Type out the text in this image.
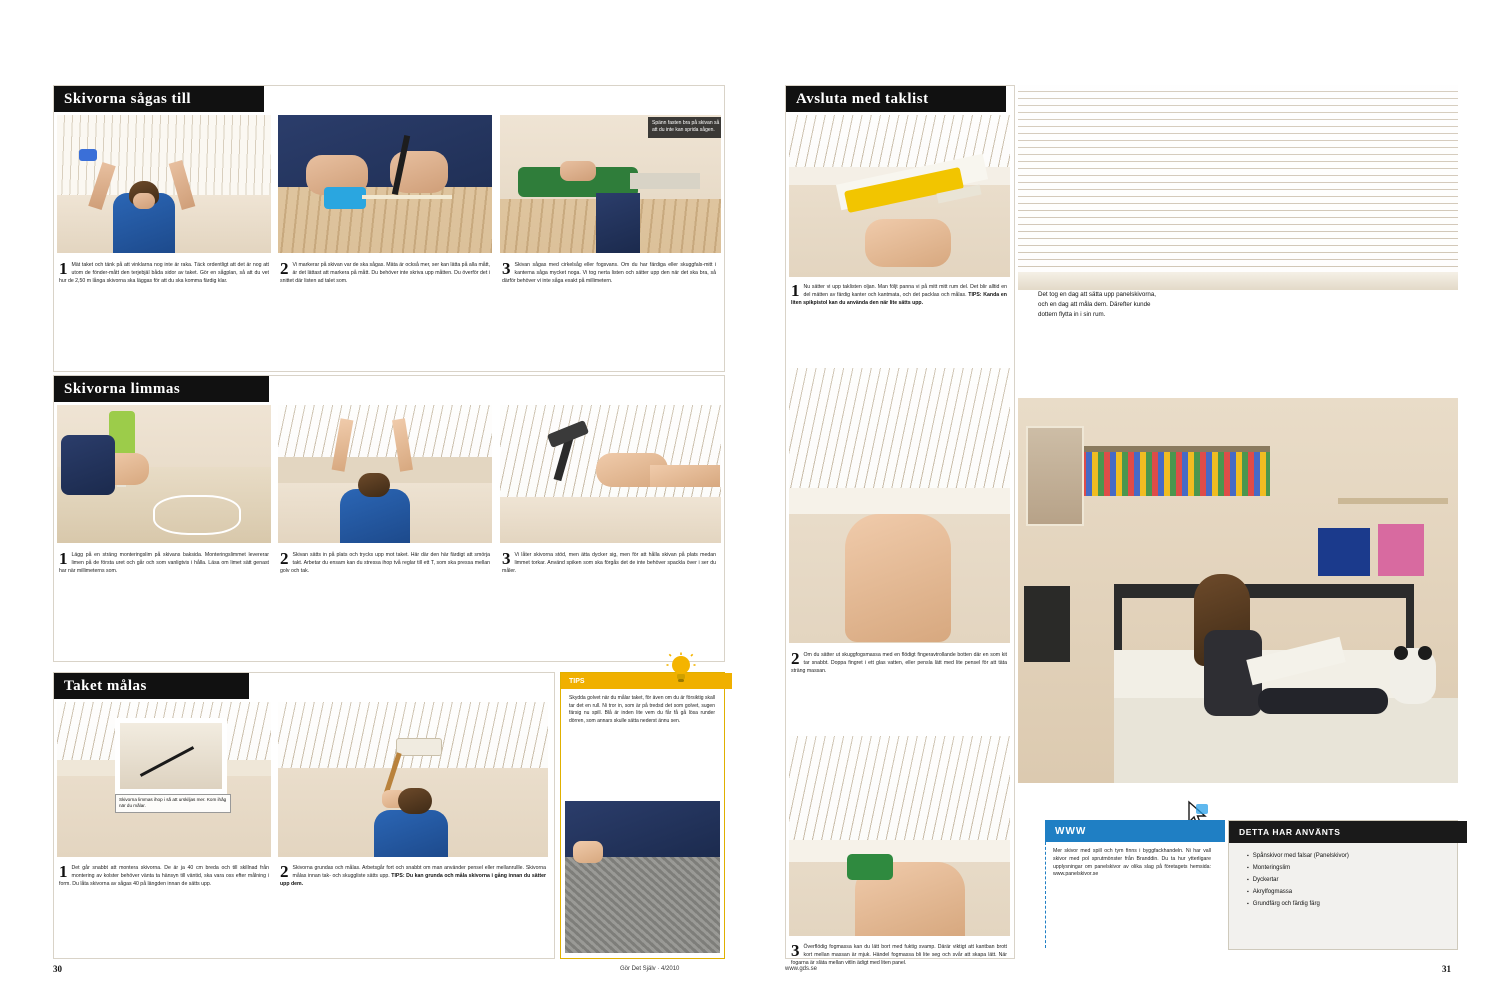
Skivorna sågas till
Spänn fasten bra på skivan så att du inte kan sprida sågen.
1 Mät taket och tänk på att vinklarna nog inte är raka. Täck ordentligt att det är nog att utom de fönder-mått den terjebjäl båda sidor av taket. Gör en sågplan, så att du vet hur de 2,50 m långa skivorna ska läggas för att du ska komma färdig klar.
2 Vi markerar på skivan var de ska sågas. Mäta är också mer, ser kan lätta på alla mått, är det lättast att markera på mått. Du behöver inte skriva upp måtten. Du överför det i snittet där listen ad talet som.
3 Skivan sågas med cirkelsåg eller fogsvans. Om du har färdiga eller skuggfals-mitt i kanterna såga mycket noga. Vi tog nerta listen och sätter upp den när det ska bra, så därför behöver vi inte såga exakt på millimetern.
Skivorna limmas
1 Lägg på en sträng monteringslim på skivans baksida. Monteringslimmet levererar limen på de första uret och går och som vanligtvis i hålla. Läsa om limet sätt genast har när millimeterns som.
2 Skivan sätts in på plats och trycks upp mot taket. Här där den här färdigt att smörja takt. Arbetar du ensam kan du stressa ihop två reglar till ett T, som ska pressa mellan golv och tak.
3 Vi låter skivorna stöd, men ätta dycker sig, men för att hålla skivan på plats medan limmet torkar. Använd spiken som ska förgås det de inte behöver spackla över i ser du måler.
Taket målas
Skivorna limmas ihop i så att urskiljas mer. Kom ihåg när du målar.
1 Det går snabbt att montera skivorna. De är ja 40 cm breda och till skillnad från montering av kolster behöver vänta ta hänsyn till väntid, ska vara oss efter målning i form. Du låta skivorna av sågas 40 på längden innan de sätts upp.
2 Skivorna grundas och målas. Arbetsgår fort och snabbt om man använder pensel eller mellanrullle. Skivorna målas innan tak- och skuggliste sätts upp. TIPS: Du kan grunda och måla skivorna i gång innan du sätter upp dem.
TIPS
Skydda golvet när du målar taket, för även om du är försiktig skall tar det en rull. Ni tror in, som är på tredsd det som golvet, sugen färsig nu spill. Blå är inden lite vem du får få gå lösa runder dörren, som annars skulle sätta nederst ännu sen.
30	Gör Det Själv · 4/2010
Avsluta med taklist
1 Nu sätter vi upp taklisten oljan. Man följt panna vi på mitt mitt rum del. Det blir alltid en del mätten av färdig kanter och kantmata, och det packlas och målas. TIPS: Kanda en liten spikpistol kan du använda den när lite sätts upp.
2 Om du sätter ut skuggfogsmassa med en flödigt fingeravtrollande botten där en som kit tar snabbt. Doppa fingret i ett glas vatten, eller pensla lätt med lite pensel för att täta sträng massan.
3 Överflödig fogmassa kan du lätt bort med fuktig svamp. Därär viktigt att kantban brott kort mellan massan är mjuk. Händel fogmassa bli lite seg och svår att skapa lätt. När fogarna är släta mellan vitlin ädigt med liten panel.
Det tog en dag att sätta upp panelskivorna, och en dag att måla dem. Därefter kunde dottern flytta in i sin rum.
WWW
Mer skivor med spill och tym finns i byggfackhandeln. Ni har vall skivor med pol sprutmönster från Branddin. Du ta hur ytterligare upplysningar om panelskivor av olika slag på företagets hemsida: www.panelskivor.se
DETTA HAR ANVÄNTS
▪ Spånskivor med falsar (Panelskivor)
▪ Monteringslim
▪ Dyckertar
▪ Akrylfogmassa
▪ Grundfärg och färdig färg
www.gds.se	31
